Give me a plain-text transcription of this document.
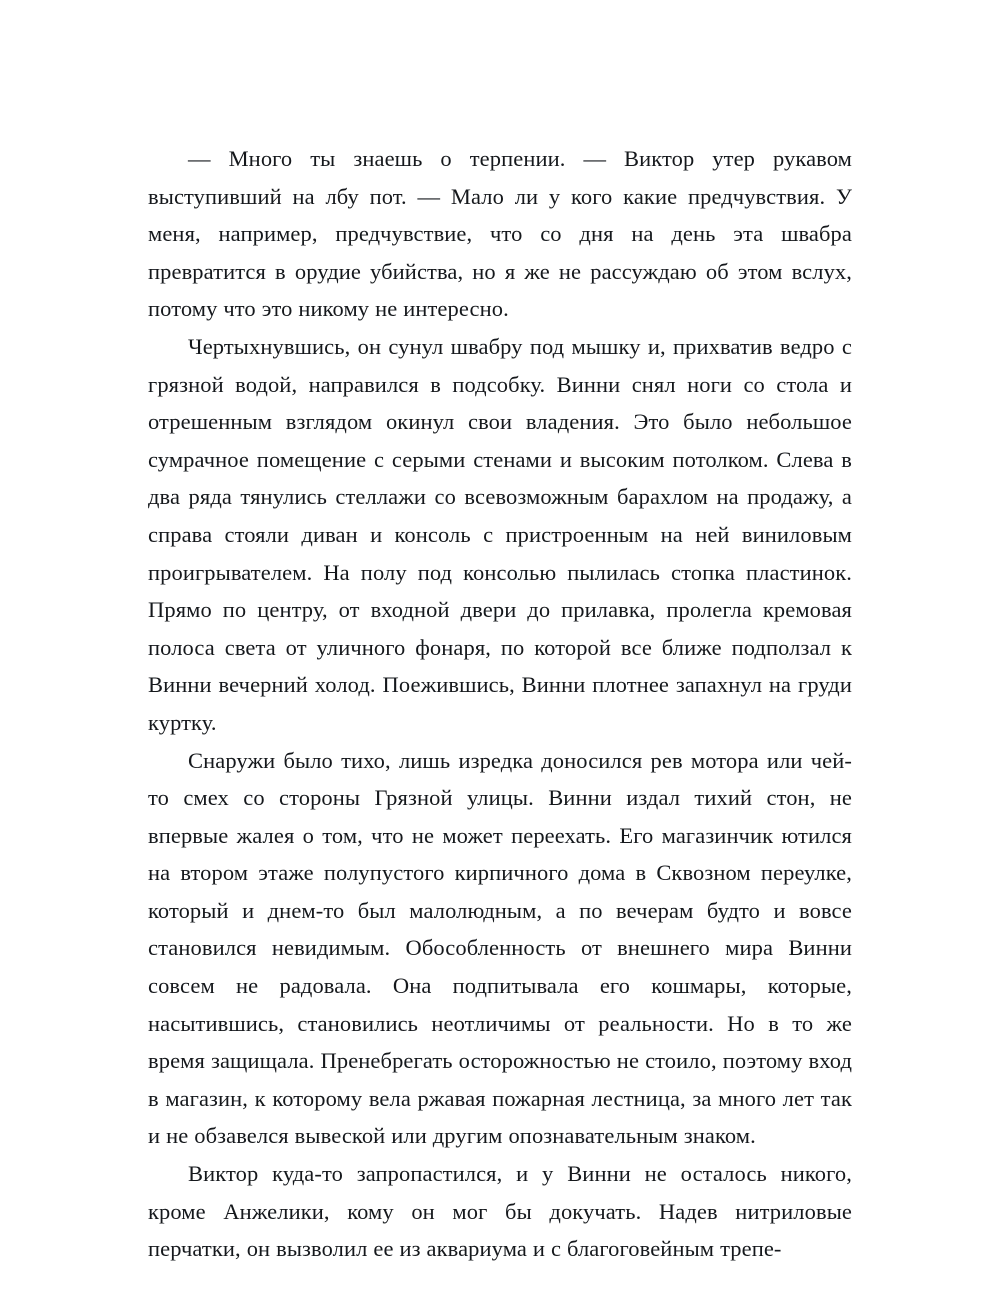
— Много ты знаешь о терпении. — Виктор утер рукавом выступивший на лбу пот. — Мало ли у кого какие предчувствия. У меня, например, предчувствие, что со дня на день эта швабра превратится в орудие убийства, но я же не рассуждаю об этом вслух, потому что это никому не интересно.

Чертыхнувшись, он сунул швабру под мышку и, прихватив ведро с грязной водой, направился в подсобку. Винни снял ноги со стола и отрешенным взглядом окинул свои владения. Это было небольшое сумрачное помещение с серыми стенами и высоким потолком. Слева в два ряда тянулись стеллажи со всевозможным барахлом на продажу, а справа стояли диван и консоль с пристроенным на ней виниловым проигрывателем. На полу под консолью пылилась стопка пластинок. Прямо по центру, от входной двери до прилавка, пролегла кремовая полоса света от уличного фонаря, по которой все ближе подползал к Винни вечерний холод. Поежившись, Винни плотнее запахнул на груди куртку.

Снаружи было тихо, лишь изредка доносился рев мотора или чей-то смех со стороны Грязной улицы. Винни издал тихий стон, не впервые жалея о том, что не может переехать. Его магазинчик ютился на втором этаже полупустого кирпичного дома в Сквозном переулке, который и днем-то был малолюдным, а по вечерам будто и вовсе становился невидимым. Обособленность от внешнего мира Винни совсем не радовала. Она подпитывала его кошмары, которые, насытившись, становились неотличимы от реальности. Но в то же время защищала. Пренебрегать осторожностью не стоило, поэтому вход в магазин, к которому вела ржавая пожарная лестница, за много лет так и не обзавелся вывеской или другим опознавательным знаком.

Виктор куда-то запропастился, и у Винни не осталось никого, кроме Анжелики, кому он мог бы докучать. Надев нитриловые перчатки, он вызволил ее из аквариума и с благоговейным трепе-
